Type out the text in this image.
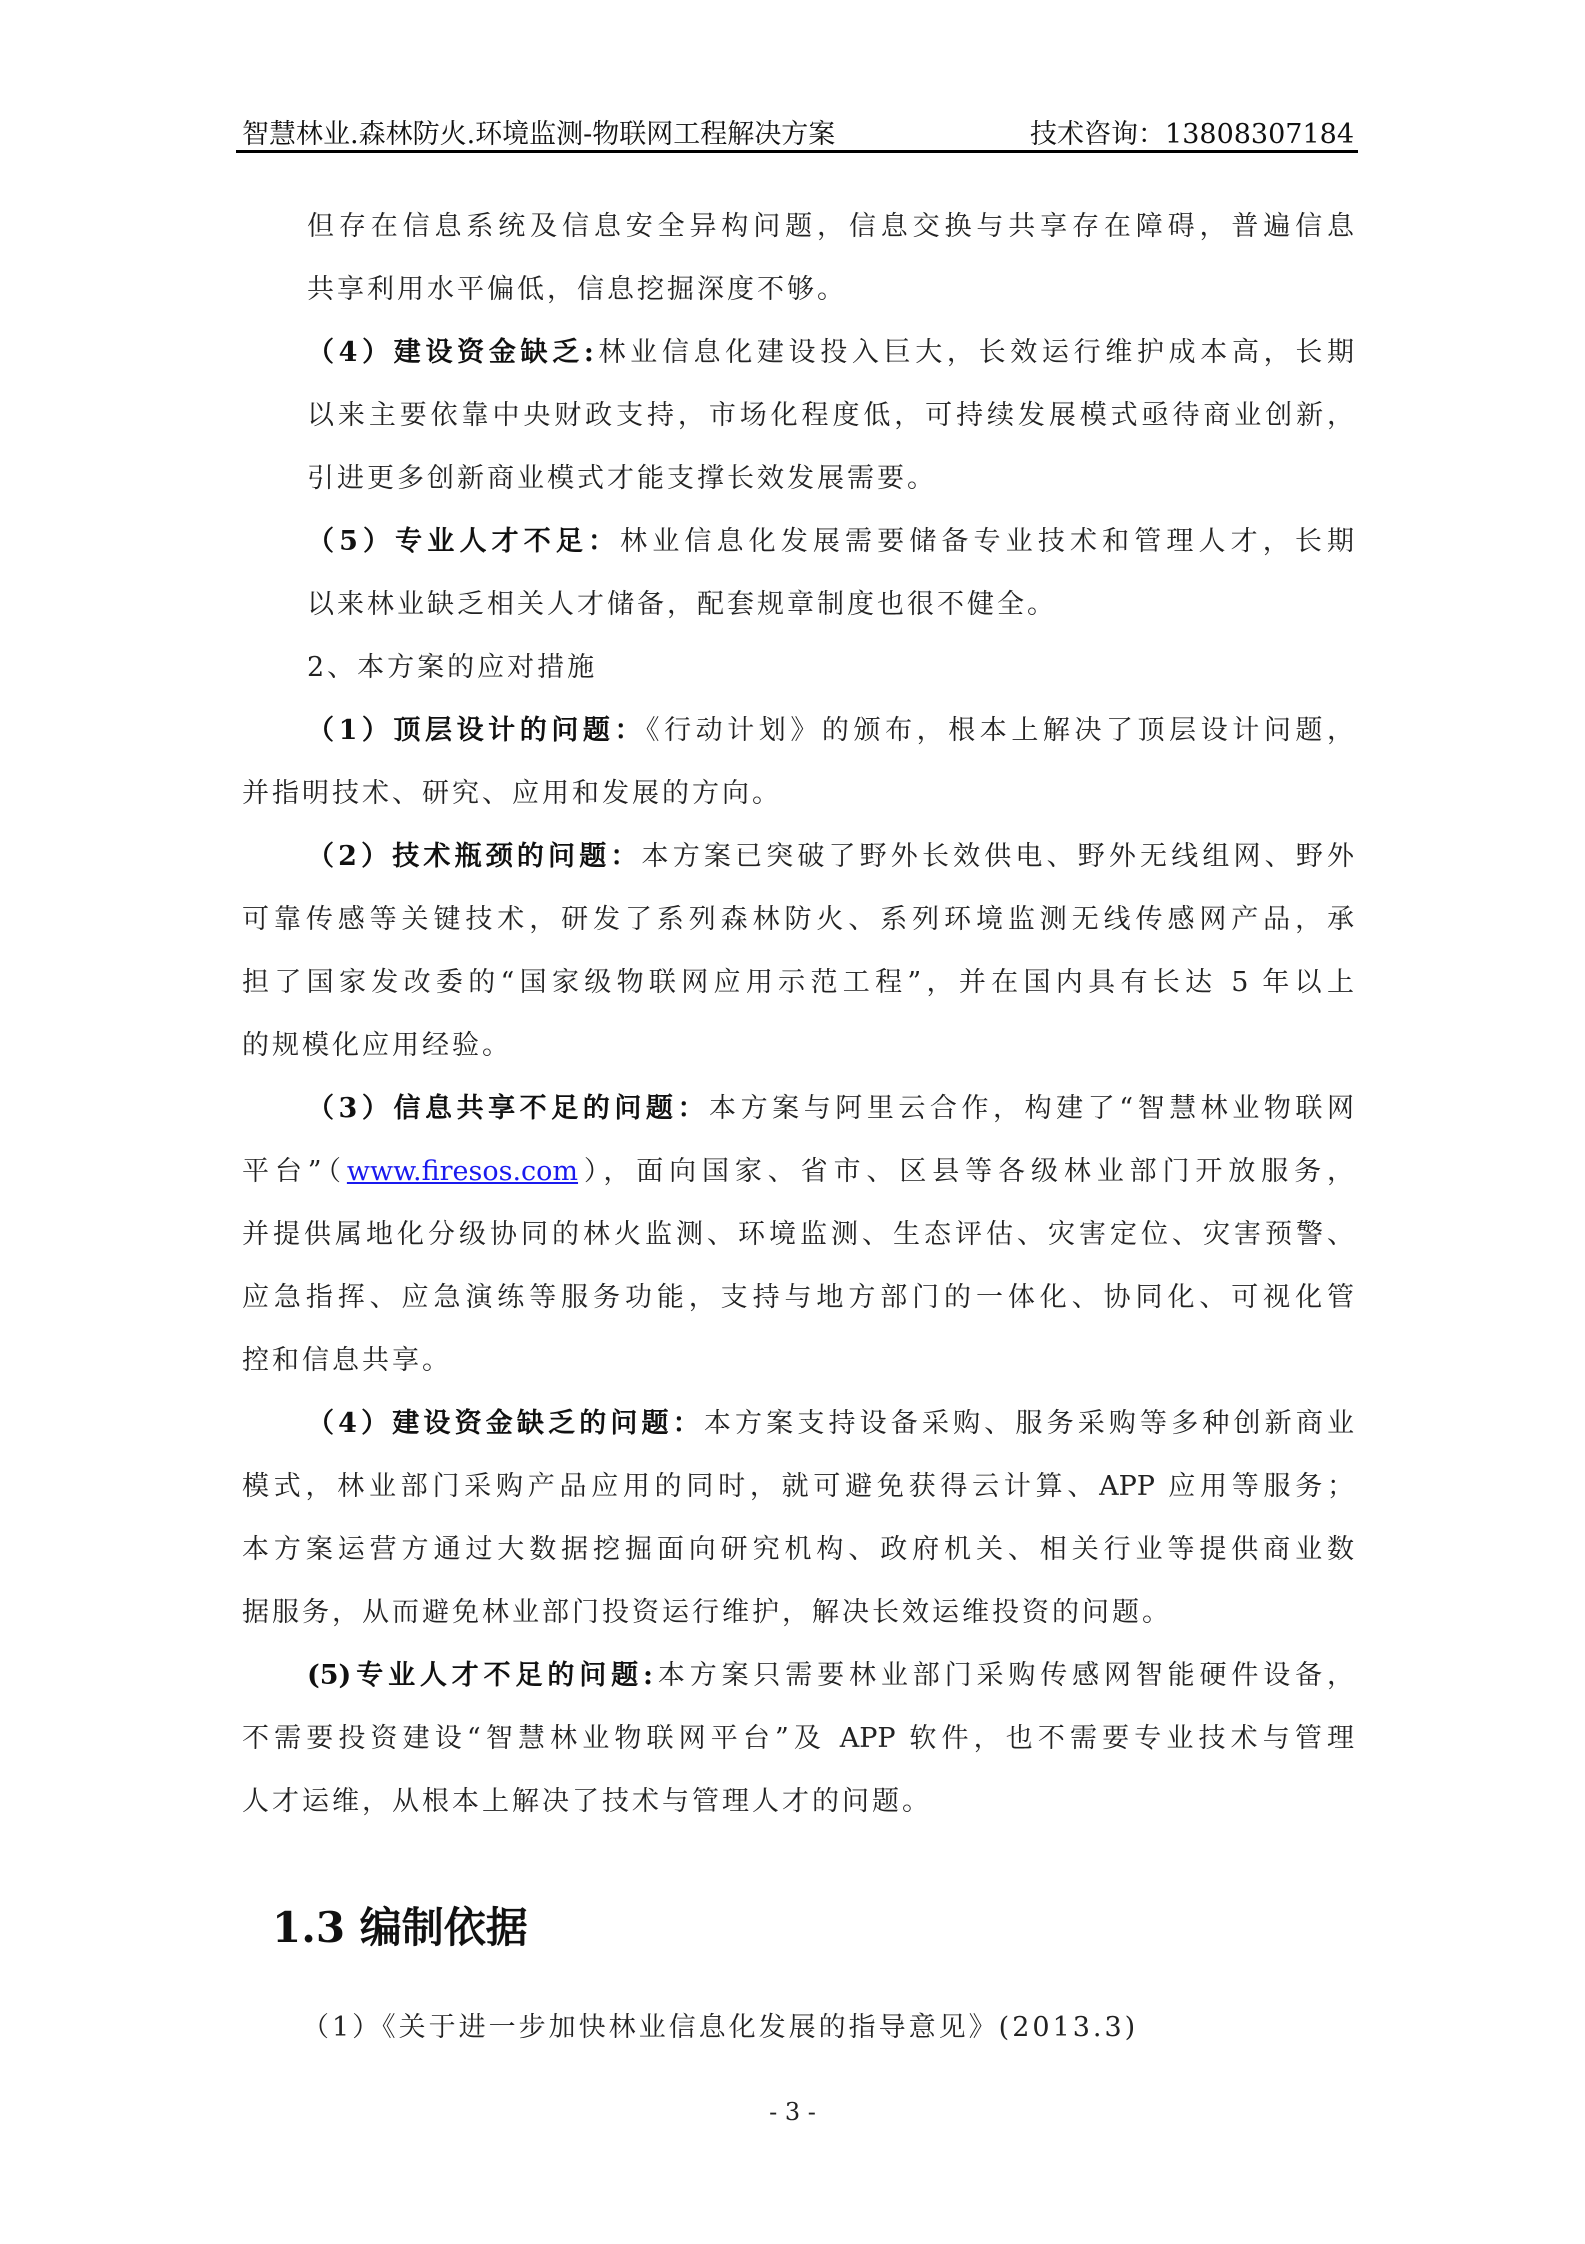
智慧林业.森林防火.环境监测-物联网工程解决方案	技术咨询：13808307184
但存在信息系统及信息安全异构问题，信息交换与共享存在障碍，普遍信息
共享利用水平偏低，信息挖掘深度不够。
（4）建设资金缺乏:林业信息化建设投入巨大，长效运行维护成本高，长期
以来主要依靠中央财政支持，市场化程度低，可持续发展模式亟待商业创新，
引进更多创新商业模式才能支撑长效发展需要。
（5）专业人才不足：林业信息化发展需要储备专业技术和管理人才，长期
以来林业缺乏相关人才储备，配套规章制度也很不健全。
2、本方案的应对措施
（1）顶层设计的问题：《行动计划》的颁布，根本上解决了顶层设计问题，
并指明技术、研究、应用和发展的方向。
（2）技术瓶颈的问题：本方案已突破了野外长效供电、野外无线组网、野外
可靠传感等关键技术，研发了系列森林防火、系列环境监测无线传感网产品，承
担了国家发改委的“国家级物联网应用示范工程”，并在国内具有长达 5 年以上
的规模化应用经验。
（3）信息共享不足的问题：本方案与阿里云合作，构建了“智慧林业物联网
平台”（www.firesos.com），面向国家、省市、区县等各级林业部门开放服务，
并提供属地化分级协同的林火监测、环境监测、生态评估、灾害定位、灾害预警、
应急指挥、应急演练等服务功能，支持与地方部门的一体化、协同化、可视化管
控和信息共享。
（4）建设资金缺乏的问题：本方案支持设备采购、服务采购等多种创新商业
模式，林业部门采购产品应用的同时，就可避免获得云计算、APP 应用等服务；
本方案运营方通过大数据挖掘面向研究机构、政府机关、相关行业等提供商业数
据服务，从而避免林业部门投资运行维护，解决长效运维投资的问题。
(5)专业人才不足的问题:本方案只需要林业部门采购传感网智能硬件设备，
不需要投资建设“智慧林业物联网平台”及 APP 软件，也不需要专业技术与管理
人才运维，从根本上解决了技术与管理人才的问题。
1.3 编制依据
（1）《关于进一步加快林业信息化发展的指导意见》(2013.3)
- 3 -
